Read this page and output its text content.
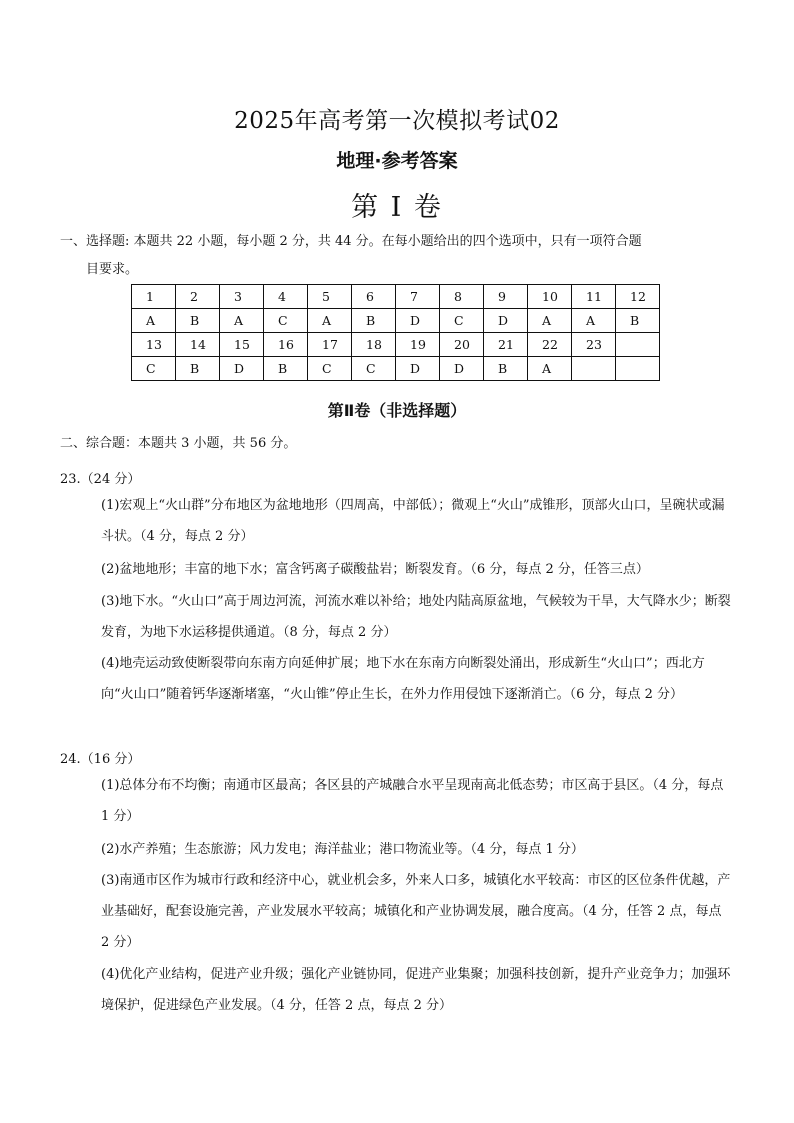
2025年高考第一次模拟考试02
地理·参考答案
第 I 卷
一、选择题: 本题共 22 小题，每小题 2 分，共 44 分。在每小题给出的四个选项中，只有一项符合题
目要求。
1	2	3	4	5	6	7	8	9	10	11	12
A	B	A	C	A	B	D	C	D	A	A	B
13	14	15	16	17	18	19	20	21	22	23	
C	B	D	B	C	C	D	D	B	A		
第Ⅱ卷（非选择题）
二、综合题：本题共 3 小题，共 56 分。
23.（24 分）
(1)宏观上“火山群”分布地区为盆地地形（四周高，中部低）；微观上“火山”成锥形，顶部火山口，呈碗状或漏斗状。（4 分，每点 2 分）
(2)盆地地形；丰富的地下水；富含钙离子碳酸盐岩；断裂发育。（6 分，每点 2 分，任答三点）
(3)地下水。“火山口”高于周边河流，河流水难以补给；地处内陆高原盆地，气候较为干旱，大气降水少；断裂发育，为地下水运移提供通道。（8 分，每点 2 分）
(4)地壳运动致使断裂带向东南方向延伸扩展；地下水在东南方向断裂处涌出，形成新生“火山口”；西北方向“火山口”随着钙华逐渐堵塞，“火山锥”停止生长，在外力作用侵蚀下逐渐消亡。（6 分，每点 2 分）
24.（16 分）
(1)总体分布不均衡；南通市区最高；各区县的产城融合水平呈现南高北低态势；市区高于县区。（4 分，每点 1 分）
(2)水产养殖；生态旅游；风力发电；海洋盐业；港口物流业等。（4 分，每点 1 分）
(3)南通市区作为城市行政和经济中心，就业机会多，外来人口多，城镇化水平较高：市区的区位条件优越，产业基础好，配套设施完善，产业发展水平较高；城镇化和产业协调发展，融合度高。（4 分，任答 2 点，每点 2 分）
(4)优化产业结构，促进产业升级；强化产业链协同，促进产业集聚；加强科技创新，提升产业竞争力；加强环境保护，促进绿色产业发展。（4 分，任答 2 点，每点 2 分）
